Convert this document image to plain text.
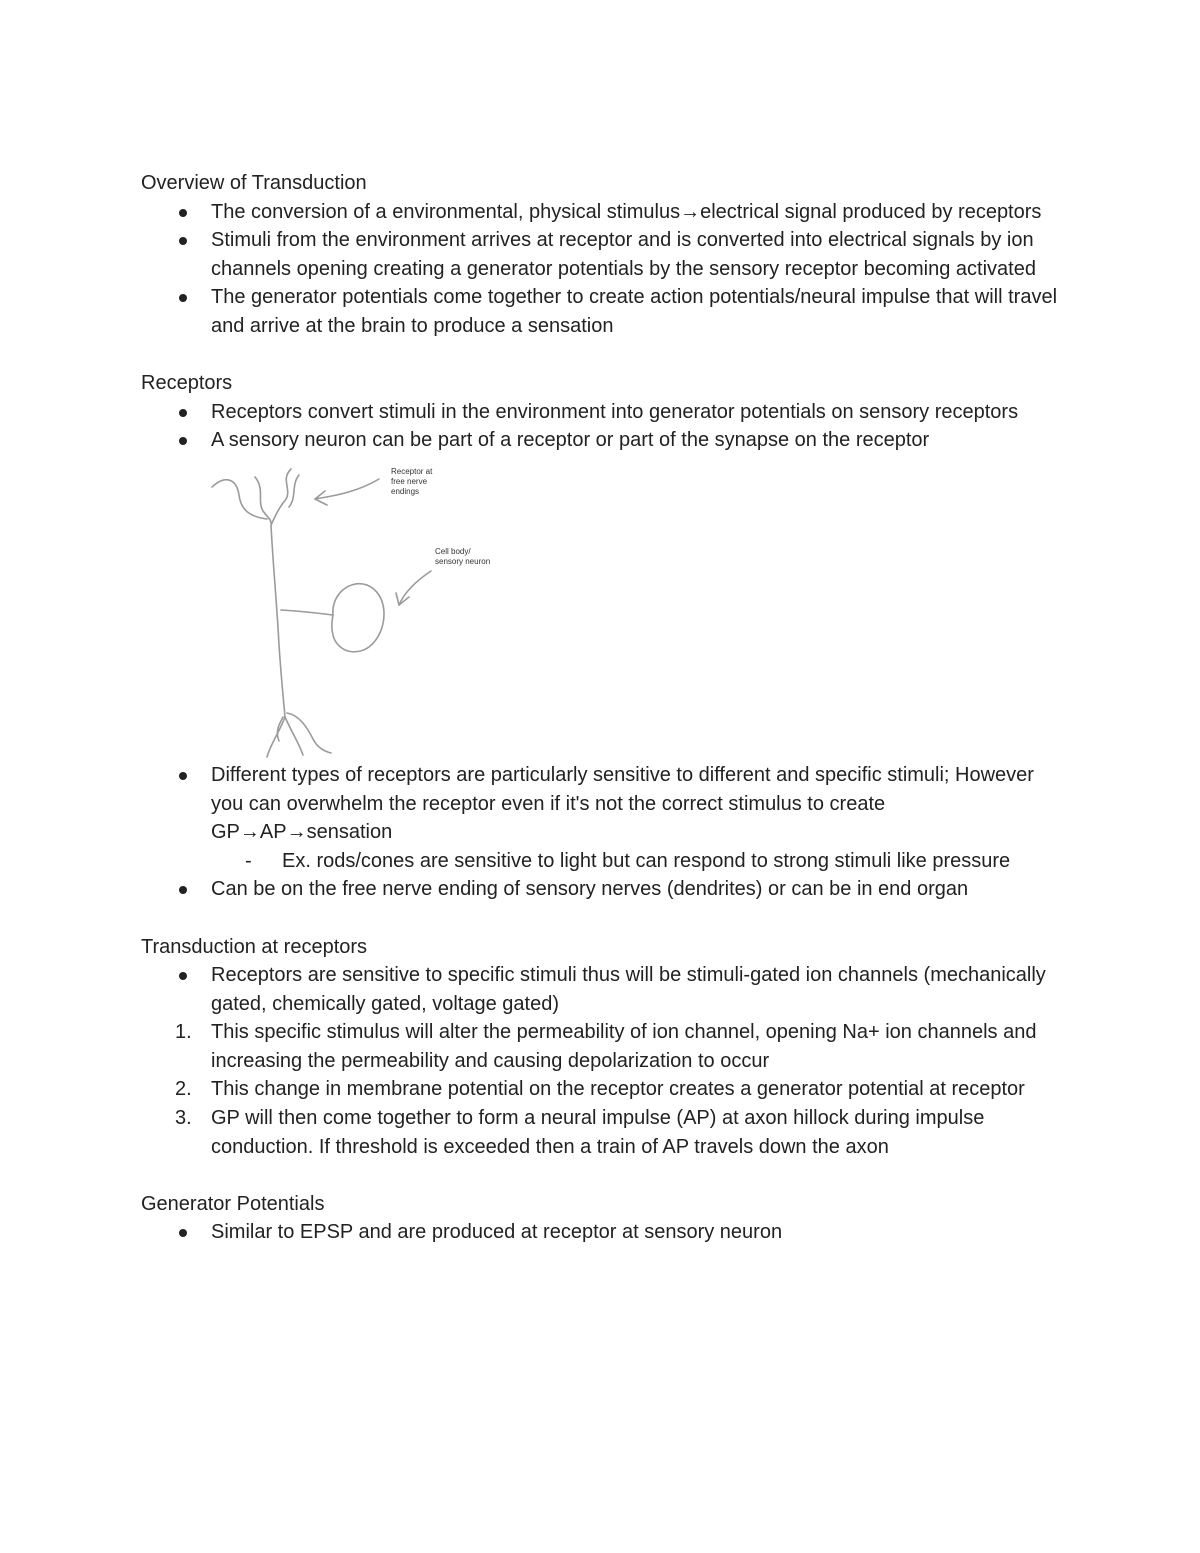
Overview of Transduction
The conversion of a environmental, physical stimulus→electrical signal produced by receptors
Stimuli from the environment arrives at receptor and is converted into electrical signals by ion channels opening creating a generator potentials by the sensory receptor becoming activated
The generator potentials come together to create action potentials/neural impulse that will travel and arrive at the brain to produce a sensation
Receptors
Receptors convert stimuli in the environment into generator potentials on sensory receptors
A sensory neuron can be part of a receptor or part of the synapse on the receptor
Receptor at
free nerve
endings
Cell body/
sensory neuron
Different types of receptors are particularly sensitive to different and specific stimuli; However you can overwhelm the receptor even if it's not the correct stimulus to create GP→AP→sensation
- Ex. rods/cones are sensitive to light but can respond to strong stimuli like pressure
Can be on the free nerve ending of sensory nerves (dendrites) or can be in end organ
Transduction at receptors
Receptors are sensitive to specific stimuli thus will be stimuli-gated ion channels (mechanically gated, chemically gated, voltage gated)
1. This specific stimulus will alter the permeability of ion channel, opening Na+ ion channels and increasing the permeability and causing depolarization to occur
2. This change in membrane potential on the receptor creates a generator potential at receptor
3. GP will then come together to form a neural impulse (AP) at axon hillock during impulse conduction. If threshold is exceeded then a train of AP travels down the axon
Generator Potentials
Similar to EPSP and are produced at receptor at sensory neuron
